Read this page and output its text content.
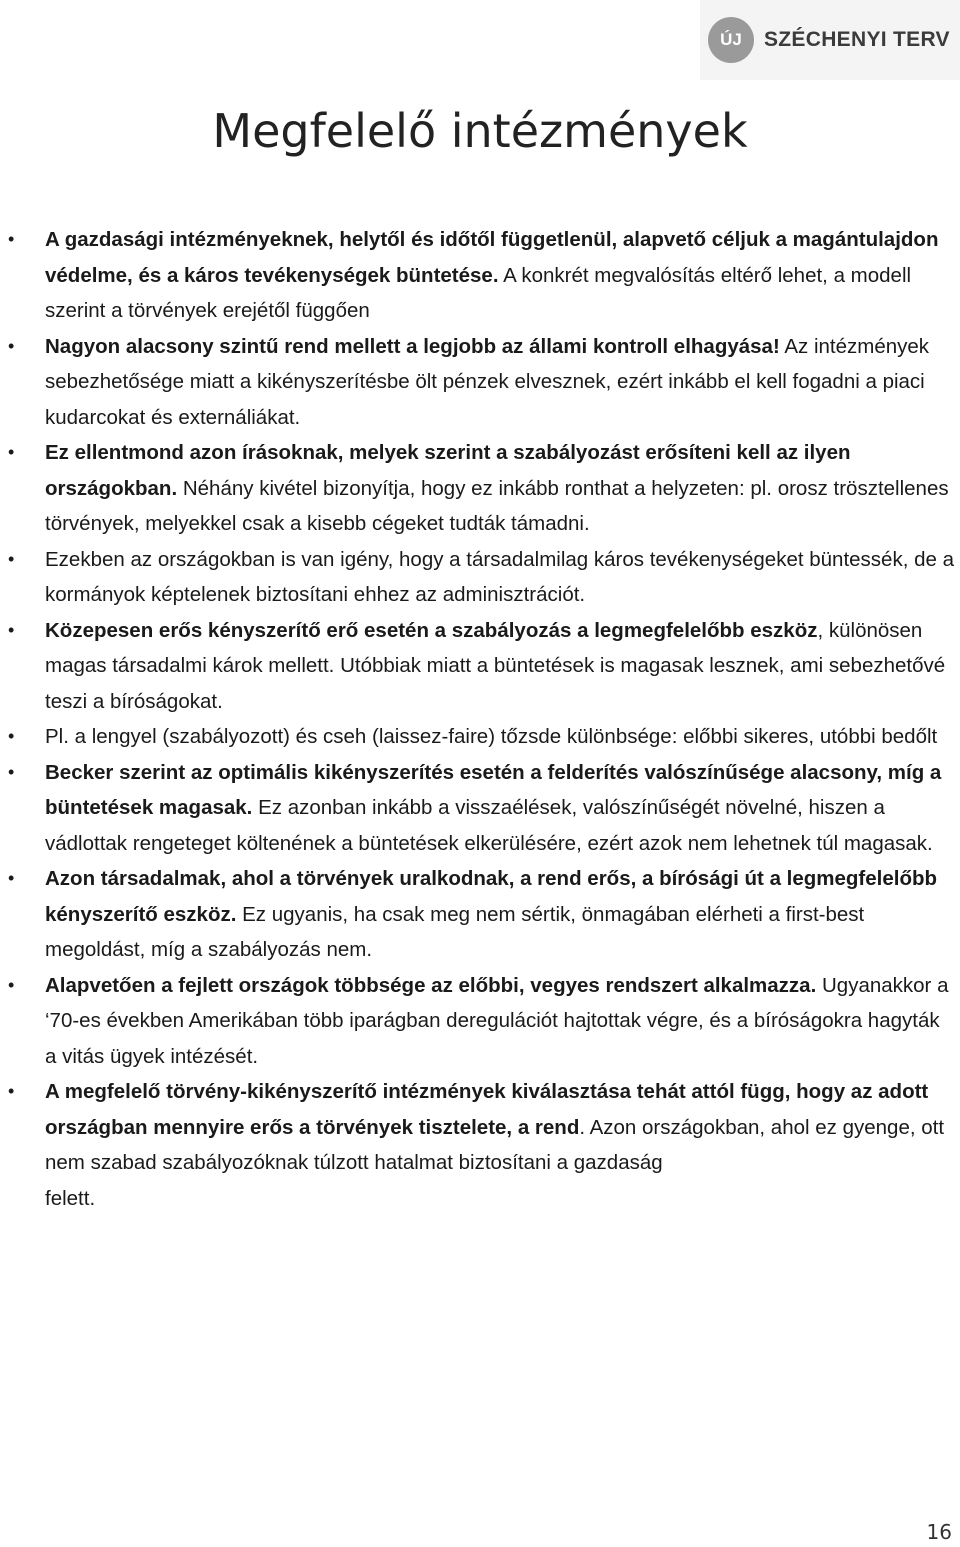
ÚJ	SZÉCHENYI TERV
Megfelelő intézmények
• A gazdasági intézményeknek, helytől és időtől függetlenül, alapvető céljuk a magántulajdon védelme, és a káros tevékenységek büntetése. A konkrét megvalósítás eltérő lehet, a modell szerint a törvények erejétől függően
• Nagyon alacsony szintű rend mellett a legjobb az állami kontroll elhagyása! Az intézmények sebezhetősége miatt a kikényszerítésbe ölt pénzek elvesznek, ezért inkább el kell fogadni a piaci kudarcokat és externáliákat.
• Ez ellentmond azon írásoknak, melyek szerint a szabályozást erősíteni kell az ilyen országokban. Néhány kivétel bizonyítja, hogy ez inkább ronthat a helyzeten: pl. orosz trösztellenes törvények, melyekkel csak a kisebb cégeket tudták támadni.
• Ezekben az országokban is van igény, hogy a társadalmilag káros tevékenységeket büntessék, de a kormányok képtelenek biztosítani ehhez az adminisztrációt.
• Közepesen erős kényszerítő erő esetén a szabályozás a legmegfelelőbb eszköz, különösen magas társadalmi károk mellett. Utóbbiak miatt a büntetések is magasak lesznek, ami sebezhetővé teszi a bíróságokat.
• Pl. a lengyel (szabályozott) és cseh (laissez-faire) tőzsde különbsége: előbbi sikeres, utóbbi bedőlt
• Becker szerint az optimális kikényszerítés esetén a felderítés valószínűsége alacsony, míg a büntetések magasak. Ez azonban inkább a visszaélések, valószínűségét növelné, hiszen a vádlottak rengeteget költenének a büntetések elkerülésére, ezért azok nem lehetnek túl magasak.
• Azon társadalmak, ahol a törvények uralkodnak, a rend erős, a bírósági út a legmegfelelőbb kényszerítő eszköz. Ez ugyanis, ha csak meg nem sértik, önmagában elérheti a first-best megoldást, míg a szabályozás nem.
• Alapvetően a fejlett országok többsége az előbbi, vegyes rendszert alkalmazza. Ugyanakkor a ‘70-es években Amerikában több iparágban deregulációt hajtottak végre, és a bíróságokra hagyták a vitás ügyek intézését.
• A megfelelő törvény-kikényszerítő intézmények kiválasztása tehát attól függ, hogy az adott országban mennyire erős a törvények tisztelete, a rend. Azon országokban, ahol ez gyenge, ott nem szabad szabályozóknak túlzott hatalmat biztosítani a gazdaság
felett.
16
